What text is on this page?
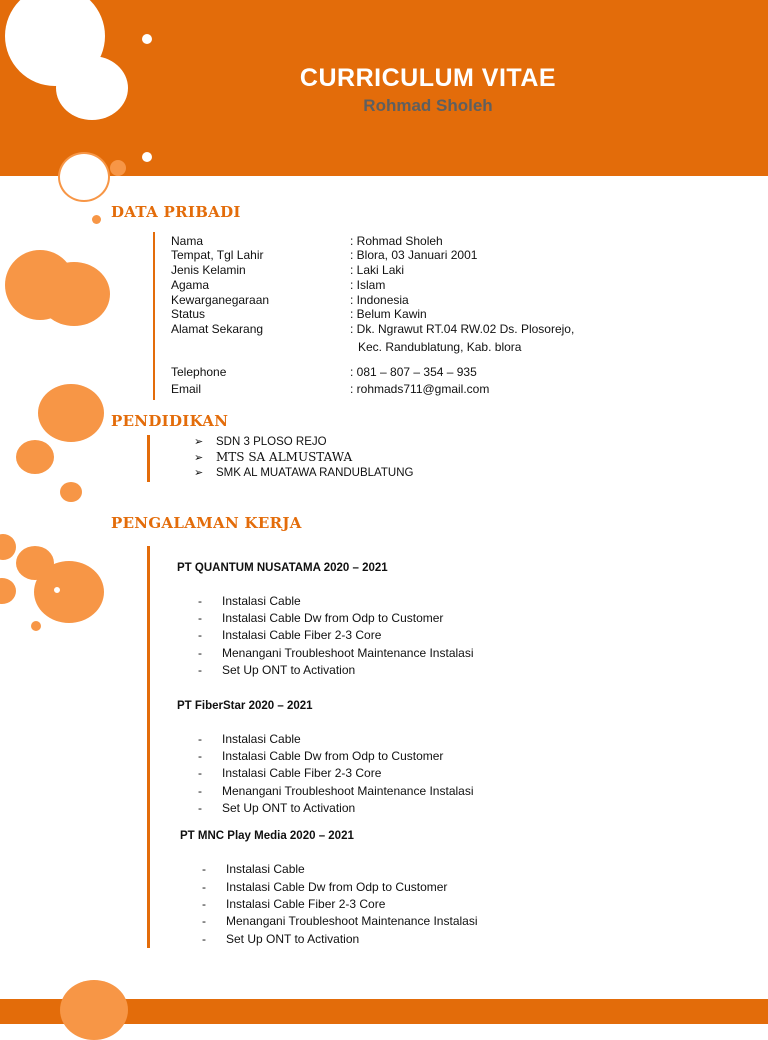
CURRICULUM VITAE
Rohmad Sholeh
DATA PRIBADI
Nama	: Rohmad Sholeh
Tempat, Tgl Lahir	: Blora, 03 Januari 2001
Jenis Kelamin	: Laki Laki
Agama	: Islam
Kewarganegaraan	: Indonesia
Status	: Belum Kawin
Alamat Sekarang	: Dk. Ngrawut RT.04 RW.02 Ds. Plosorejo,
Kec. Randublatung, Kab. blora
Telephone	: 081 – 807 – 354 – 935
Email	: rohmads711@gmail.com
PENDIDIKAN
➢ SDN 3 PLOSO REJO
➢ MTS SA ALMUSTAWA
➢ SMK AL MUATAWA RANDUBLATUNG
PENGALAMAN KERJA
PT QUANTUM NUSATAMA 2020 – 2021
- Instalasi Cable
- Instalasi Cable Dw from Odp to Customer
- Instalasi Cable Fiber 2-3 Core
- Menangani Troubleshoot Maintenance Instalasi
- Set Up ONT to Activation
PT FiberStar 2020 – 2021
- Instalasi Cable
- Instalasi Cable Dw from Odp to Customer
- Instalasi Cable Fiber 2-3 Core
- Menangani Troubleshoot Maintenance Instalasi
- Set Up ONT to Activation
PT MNC Play Media 2020 – 2021
- Instalasi Cable
- Instalasi Cable Dw from Odp to Customer
- Instalasi Cable Fiber 2-3 Core
- Menangani Troubleshoot Maintenance Instalasi
- Set Up ONT to Activation
